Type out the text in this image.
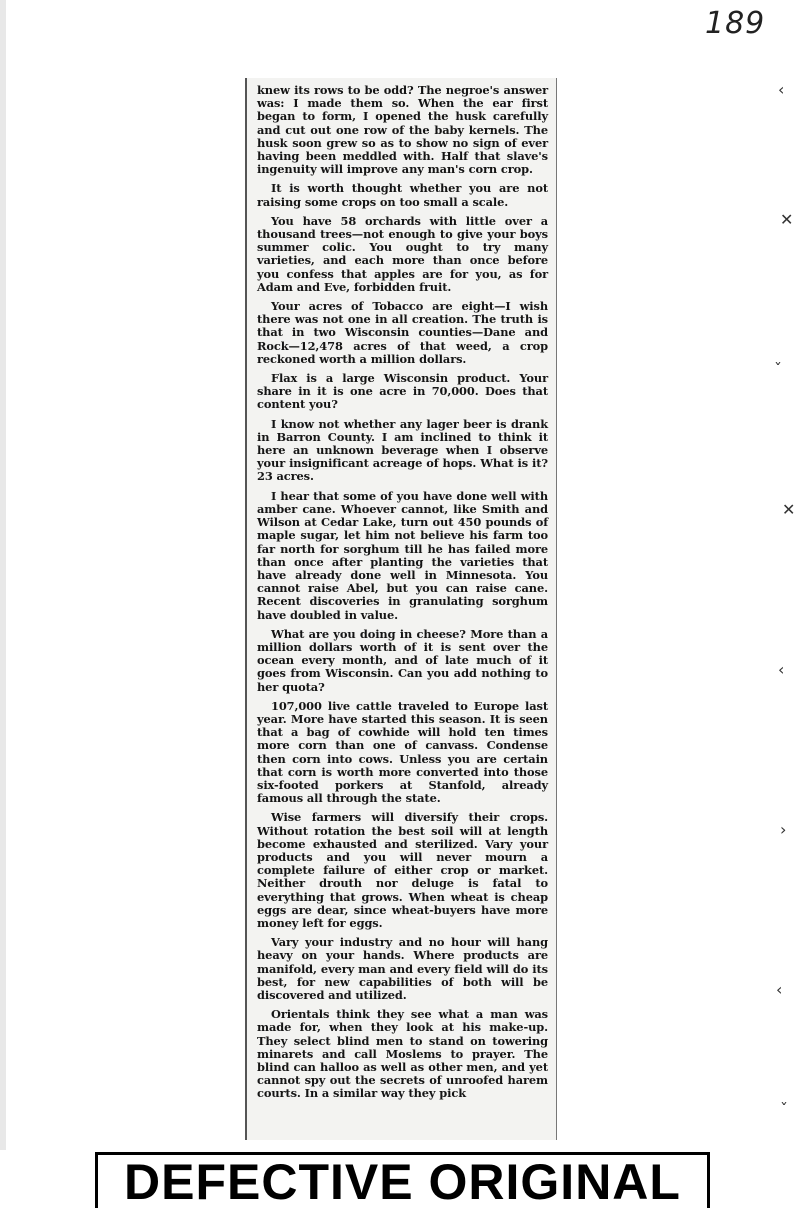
189

knew its rows to be odd? The negroe's answer was: I made them so. When the ear first began to form, I opened the husk carefully and cut out one row of the baby kernels. The husk soon grew so as to show no sign of ever having been meddled with. Half that slave's ingenuity will improve any man's corn crop.

It is worth thought whether you are not raising some crops on too small a scale.

You have 58 orchards with little over a thousand trees—not enough to give your boys summer colic. You ought to try many varieties, and each more than once before you confess that apples are for you, as for Adam and Eve, forbidden fruit.

Your acres of Tobacco are eight—I wish there was not one in all creation. The truth is that in two Wisconsin counties—Dane and Rock—12,478 acres of that weed, a crop reckoned worth a million dollars.

Flax is a large Wisconsin product. Your share in it is one acre in 70,000. Does that content you?

I know not whether any lager beer is drank in Barron County. I am inclined to think it here an unknown beverage when I observe your insignificant acreage of hops. What is it? 23 acres.

I hear that some of you have done well with amber cane. Whoever cannot, like Smith and Wilson at Cedar Lake, turn out 450 pounds of maple sugar, let him not believe his farm too far north for sorghum till he has failed more than once after planting the varieties that have already done well in Minnesota. You cannot raise Abel, but you can raise cane. Recent discoveries in granulating sorghum have doubled in value.

What are you doing in cheese? More than a million dollars worth of it is sent over the ocean every month, and of late much of it goes from Wisconsin. Can you add nothing to her quota?

107,000 live cattle traveled to Europe last year. More have started this season. It is seen that a bag of cowhide will hold ten times more corn than one of canvass. Condense then corn into cows. Unless you are certain that corn is worth more converted into those six-footed porkers at Stanfold, already famous all through the state.

Wise farmers will diversify their crops. Without rotation the best soil will at length become exhausted and sterilized. Vary your products and you will never mourn a complete failure of either crop or market. Neither drouth nor deluge is fatal to everything that grows. When wheat is cheap eggs are dear, since wheat-buyers have more money left for eggs.

Vary your industry and no hour will hang heavy on your hands. Where products are manifold, every man and every field will do its best, for new capabilities of both will be discovered and utilized.

Orientals think they see what a man was made for, when they look at his make-up. They select blind men to stand on towering minarets and call Moslems to prayer. The blind can halloo as well as other men, and yet cannot spy out the secrets of unroofed harem courts. In a similar way they pick

‹
✕
ˇ
✕
‹
›
‹
ˇ
DEFECTIVE ORIGINAL
